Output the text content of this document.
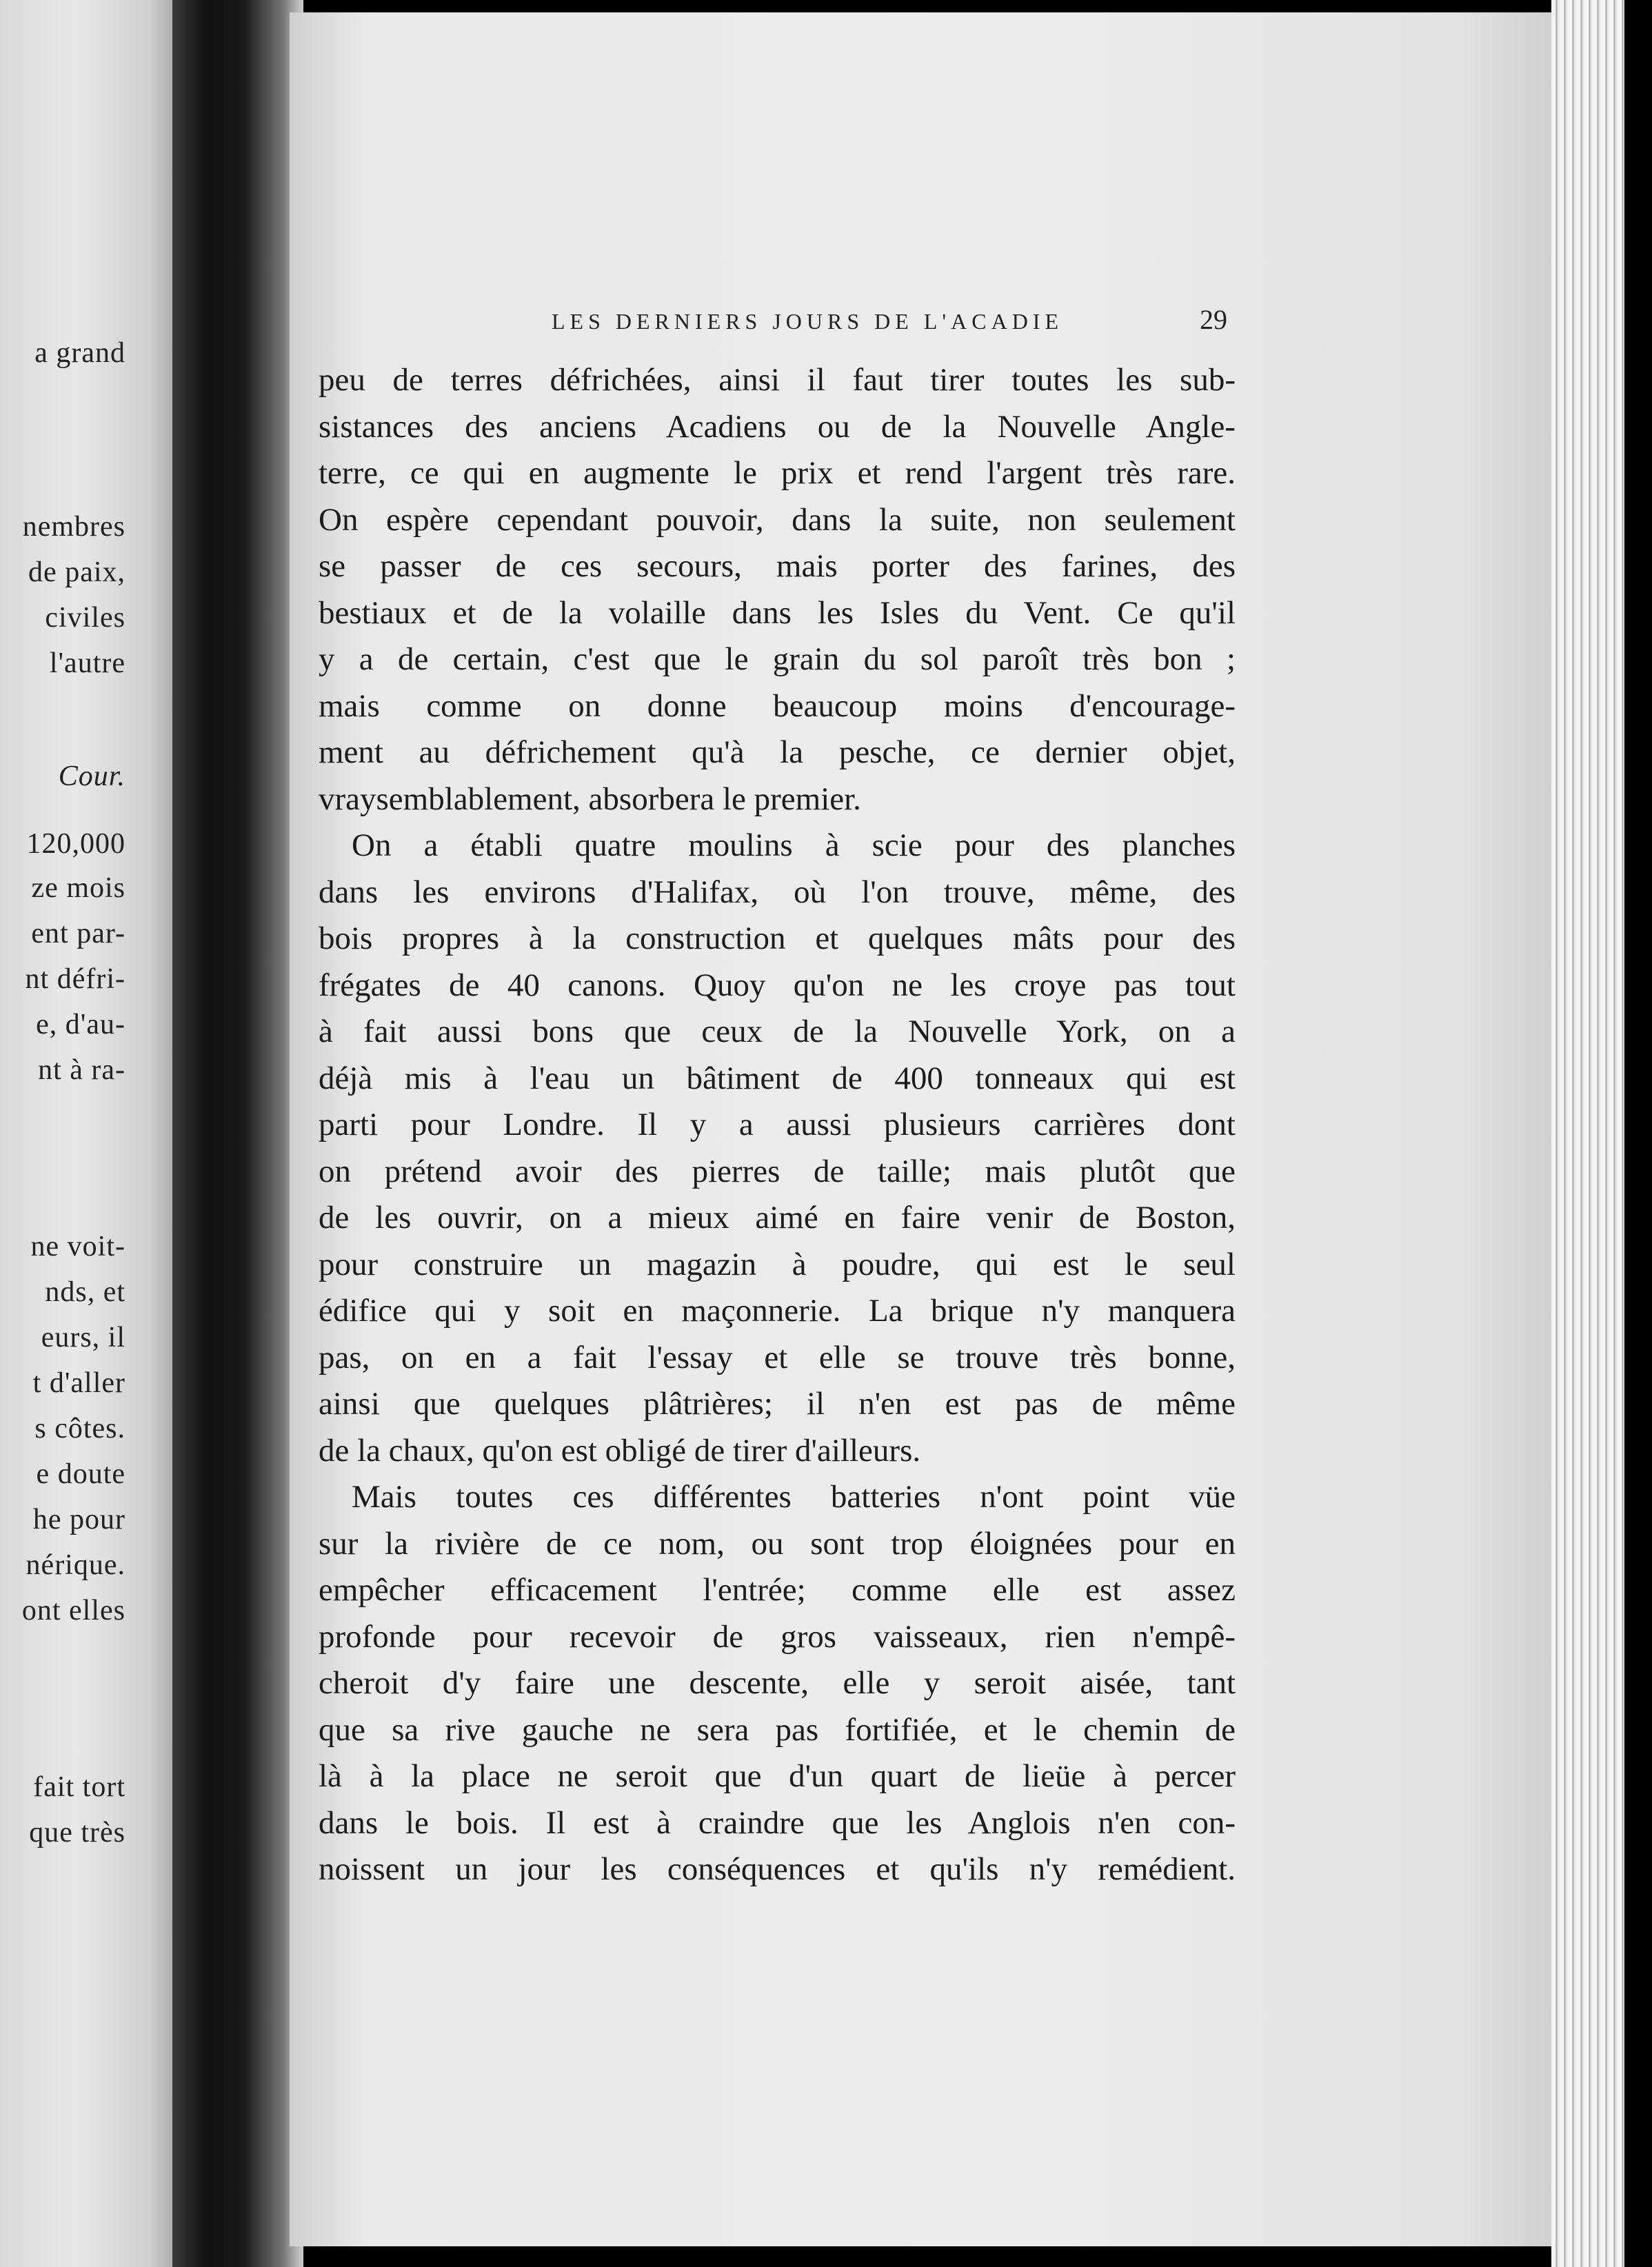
a grand
nembres
de paix,
civiles
l'autre
Cour.
120,000
ze mois
ent par-
nt défri-
e, d'au-
nt à ra-
ne voit-
nds, et
eurs, il
t d'aller
s côtes.
e doute
he pour
nérique.
ont elles
fait tort
que très
LES DERNIERS JOURS DE L'ACADIE	29

peu de terres défrichées, ainsi il faut tirer toutes les sub-

sistances des anciens Acadiens ou de la Nouvelle Angle-

terre, ce qui en augmente le prix et rend l'argent très rare.

On espère cependant pouvoir, dans la suite, non seulement

se passer de ces secours, mais porter des farines, des

bestiaux et de la volaille dans les Isles du Vent. Ce qu'il

y a de certain, c'est que le grain du sol paroît très bon ;

mais comme on donne beaucoup moins d'encourage-

ment au défrichement qu'à la pesche, ce dernier objet,

vraysemblablement, absorbera le premier.

On a établi quatre moulins à scie pour des planches

dans les environs d'Halifax, où l'on trouve, même, des

bois propres à la construction et quelques mâts pour des

frégates de 40 canons. Quoy qu'on ne les croye pas tout

à fait aussi bons que ceux de la Nouvelle York, on a

déjà mis à l'eau un bâtiment de 400 tonneaux qui est

parti pour Londre. Il y a aussi plusieurs carrières dont

on prétend avoir des pierres de taille; mais plutôt que

de les ouvrir, on a mieux aimé en faire venir de Boston,

pour construire un magazin à poudre, qui est le seul

édifice qui y soit en maçonnerie. La brique n'y manquera

pas, on en a fait l'essay et elle se trouve très bonne,

ainsi que quelques plâtrières; il n'en est pas de même

de la chaux, qu'on est obligé de tirer d'ailleurs.

Mais toutes ces différentes batteries n'ont point vüe

sur la rivière de ce nom, ou sont trop éloignées pour en

empêcher efficacement l'entrée; comme elle est assez

profonde pour recevoir de gros vaisseaux, rien n'empê-

cheroit d'y faire une descente, elle y seroit aisée, tant

que sa rive gauche ne sera pas fortifiée, et le chemin de

là à la place ne seroit que d'un quart de lieüe à percer

dans le bois. Il est à craindre que les Anglois n'en con-

noissent un jour les conséquences et qu'ils n'y remédient.
